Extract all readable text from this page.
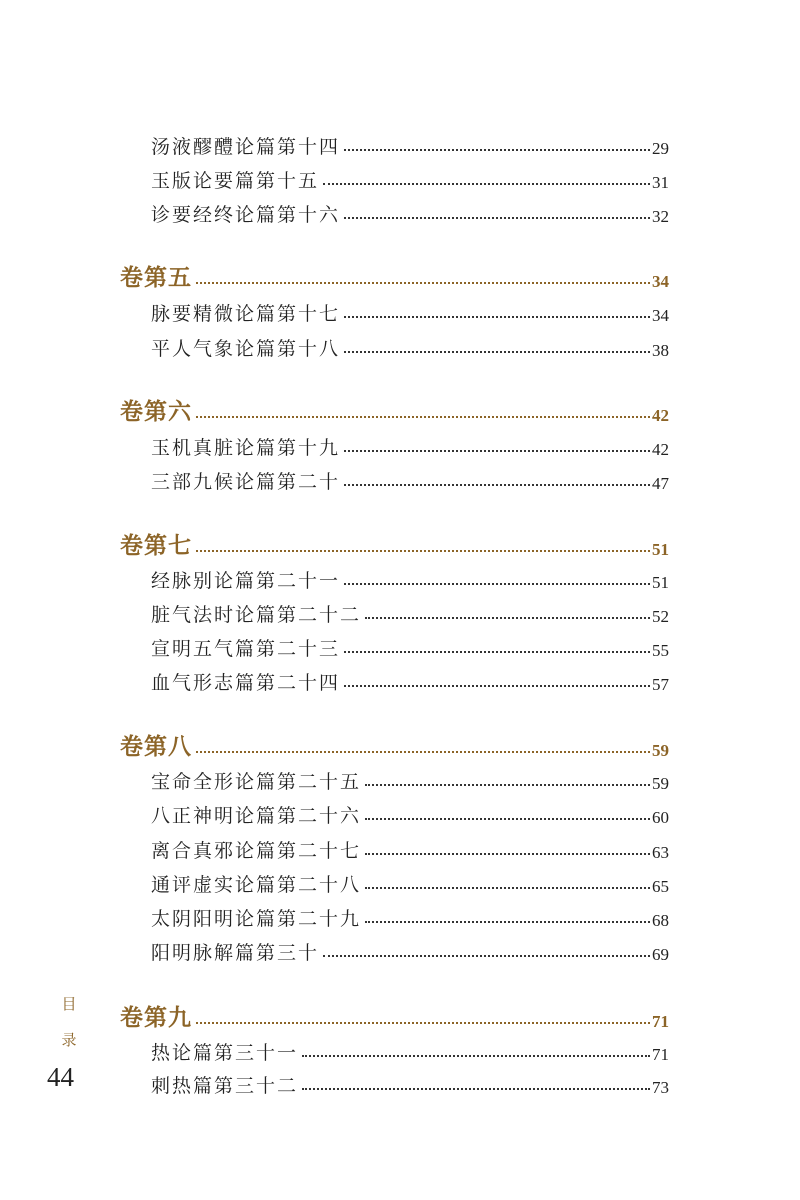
汤液醪醴论篇第十四	29
玉版论要篇第十五	31
诊要经终论篇第十六	32
卷第五	34
脉要精微论篇第十七	34
平人气象论篇第十八	38
卷第六	42
玉机真脏论篇第十九	42
三部九候论篇第二十	47
卷第七	51
经脉别论篇第二十一	51
脏气法时论篇第二十二	52
宣明五气篇第二十三	55
血气形志篇第二十四	57
卷第八	59
宝命全形论篇第二十五	59
八正神明论篇第二十六	60
离合真邪论篇第二十七	63
通评虚实论篇第二十八	65
太阴阳明论篇第二十九	68
阳明脉解篇第三十	69
卷第九	71
热论篇第三十一	71
刺热篇第三十二	73
目
录
44
